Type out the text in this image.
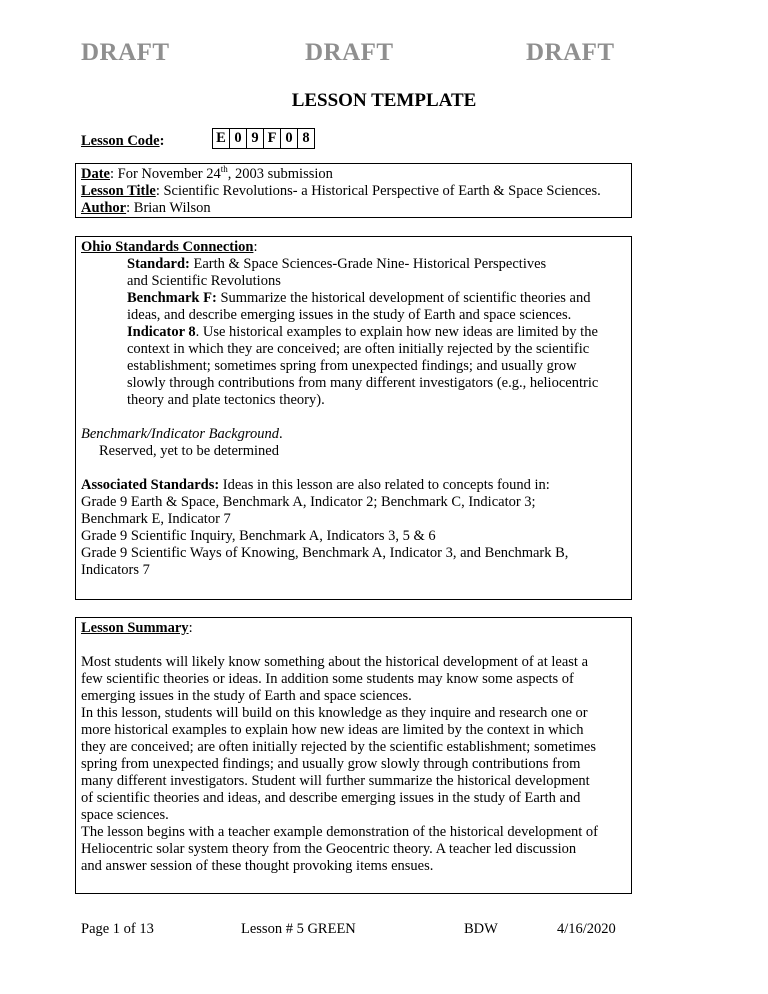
DRAFT	DRAFT	DRAFT
LESSON TEMPLATE
Lesson Code:	E 0 9 F 0 8
Date: For November 24th, 2003 submission
Lesson Title: Scientific Revolutions- a Historical Perspective of Earth & Space Sciences.
Author: Brian Wilson
Ohio Standards Connection:
Standard: Earth & Space Sciences-Grade Nine- Historical Perspectives
and Scientific Revolutions
Benchmark F: Summarize the historical development of scientific theories and
ideas, and describe emerging issues in the study of Earth and space sciences.
Indicator 8. Use historical examples to explain how new ideas are limited by the
context in which they are conceived; are often initially rejected by the scientific
establishment; sometimes spring from unexpected findings; and usually grow
slowly through contributions from many different investigators (e.g., heliocentric
theory and plate tectonics theory).
Benchmark/Indicator Background.
Reserved, yet to be determined
Associated Standards: Ideas in this lesson are also related to concepts found in:
Grade 9 Earth & Space, Benchmark A, Indicator 2; Benchmark C, Indicator 3;
Benchmark E, Indicator 7
Grade 9 Scientific Inquiry, Benchmark A, Indicators 3, 5 & 6
Grade 9 Scientific Ways of Knowing, Benchmark A, Indicator 3, and Benchmark B,
Indicators 7
Lesson Summary:
Most students will likely know something about the historical development of at least a
few scientific theories or ideas. In addition some students may know some aspects of
emerging issues in the study of Earth and space sciences.
In this lesson, students will build on this knowledge as they inquire and research one or
more historical examples to explain how new ideas are limited by the context in which
they are conceived; are often initially rejected by the scientific establishment; sometimes
spring from unexpected findings; and usually grow slowly through contributions from
many different investigators. Student will further summarize the historical development
of scientific theories and ideas, and describe emerging issues in the study of Earth and
space sciences.
The lesson begins with a teacher example demonstration of the historical development of
Heliocentric solar system theory from the Geocentric theory. A teacher led discussion
and answer session of these thought provoking items ensues.
Page 1 of 13	Lesson # 5 GREEN	BDW	4/16/2020
